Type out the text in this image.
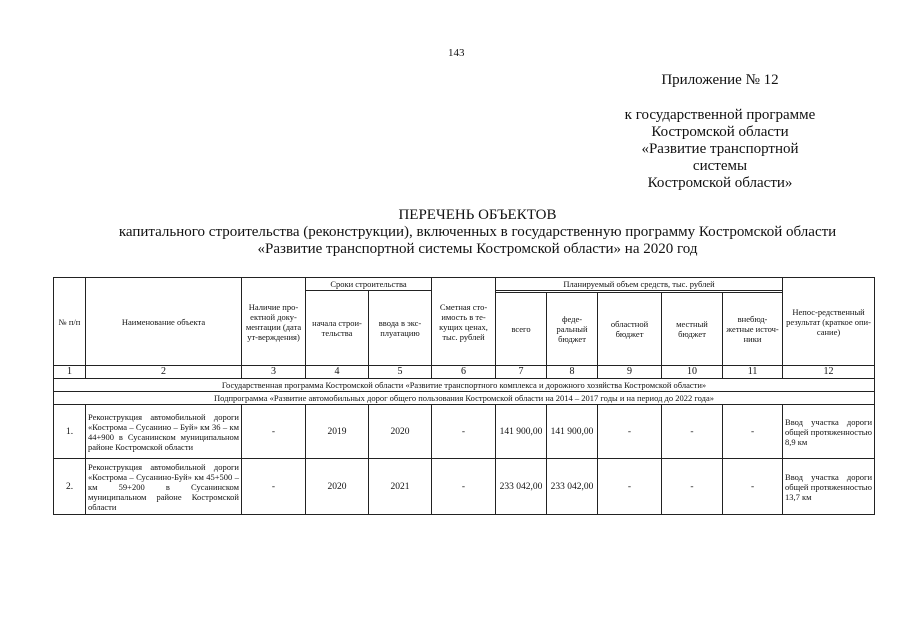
143
Приложение № 12
к государственной программе
Костромской области
«Развитие транспортной системы
Костромской области»
ПЕРЕЧЕНЬ ОБЪЕКТОВ
капитального строительства (реконструкции), включенных в государственную программу Костромской области
«Развитие транспортной системы Костромской области» на 2020 год
№ п/п	Наименование объекта	Наличие про-ектной доку-ментации (дата ут-верждения)	Сроки строительства		Сметная сто-имость в те-кущих ценах, тыс. рублей	Планируемый объем средств, тыс. рублей					Непос-редственный результат (краткое опи-сание)
			начала строи-тельства	ввода в экс-плуатацию							
						всего	феде-ральный бюджет	областной бюджет	местный бюджет	внебюд-жетные источ-ники	
1	2	3	4	5	6	7	8	9	10	11	12
Государственная программа Костромской области «Развитие транспортного комплекса и дорожного хозяйства Костромской области»											
Подпрограмма «Развитие автомобильных дорог общего пользования Костромской области на 2014 – 2017 годы и на период до 2022 года»											
1.	Реконструкция автомобильной дороги «Кострома – Сусанино – Буй» км 36 – км 44+900 в Сусанинском муниципальном районе Костромской области	-	2019	2020	-	141 900,00	141 900,00	-	-	-	Ввод участка дороги общей протяженностью 8,9 км
2.	Реконструкция автомобильной дороги «Кострома – Сусанино-Буй» км 45+500 – км 59+200 в Сусанинском муниципальном районе Костромской области	-	2020	2021	-	233 042,00	233 042,00	-	-	-	Ввод участка дороги общей протяженностью 13,7 км
